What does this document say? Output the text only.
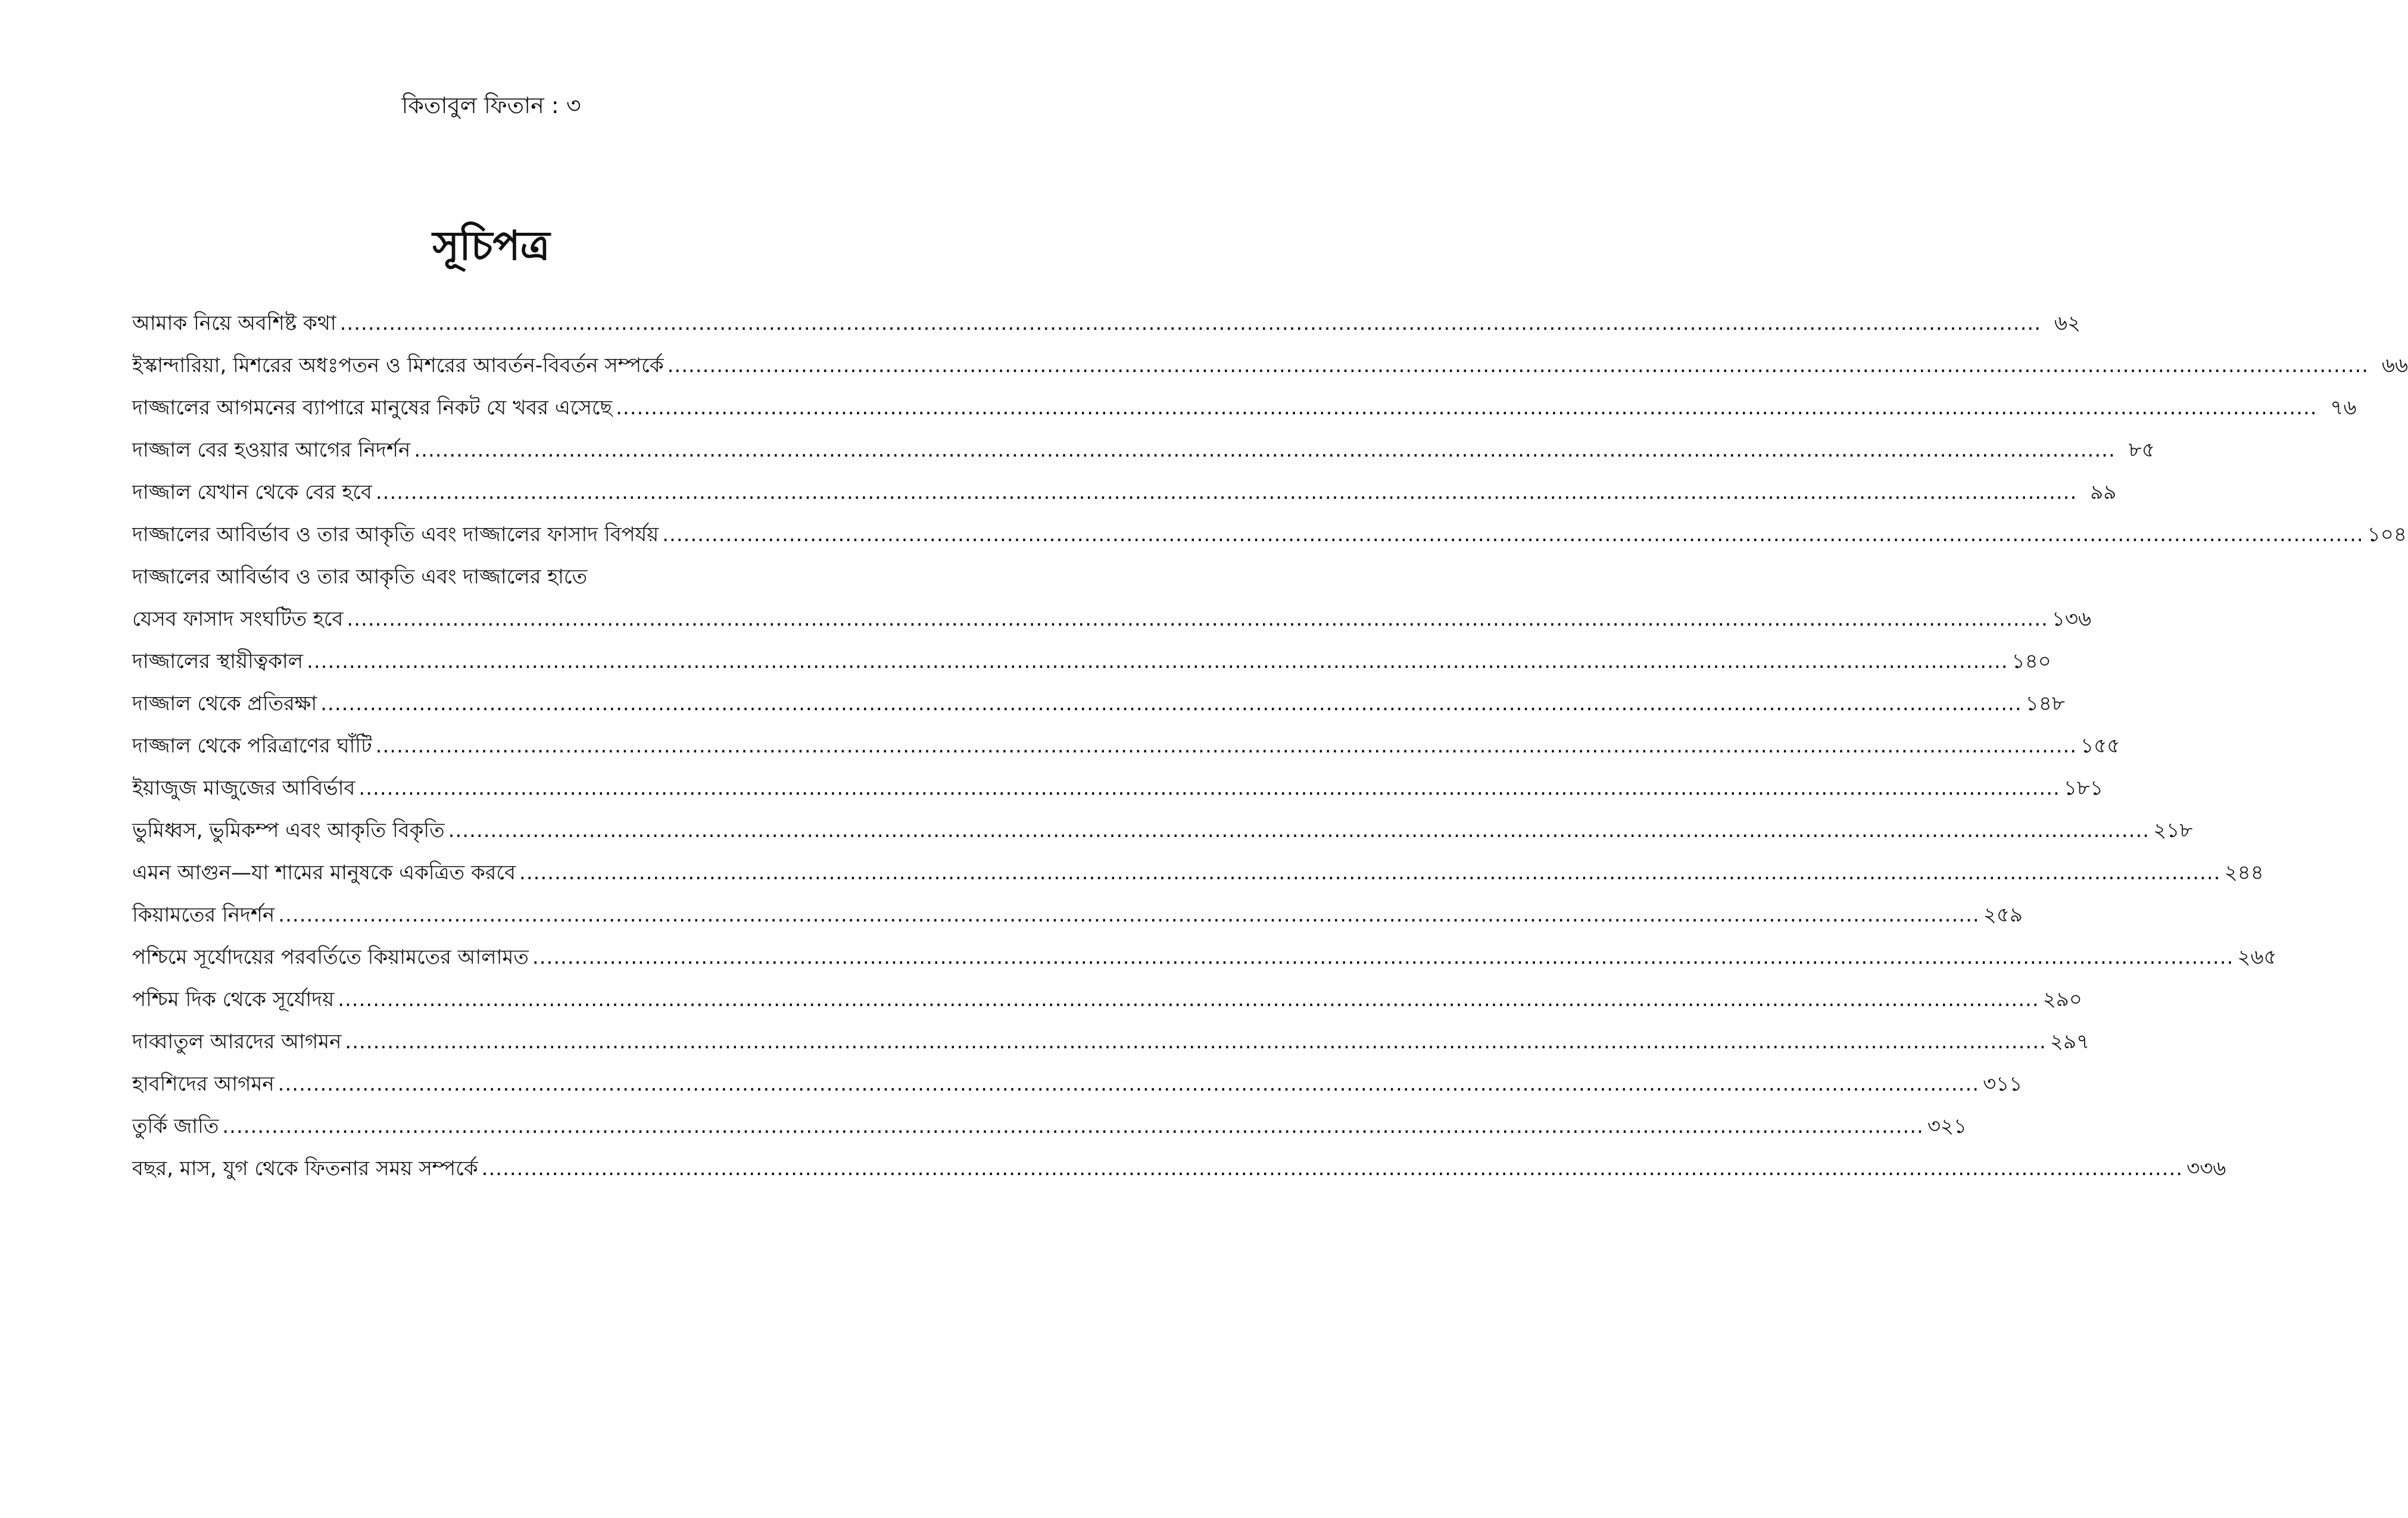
কিতাবুল ফিতান : ৩
সূচিপত্র
আমাক নিয়ে অবশিষ্ট কথা .....	৬২
ইস্কান্দারিয়া, মিশরের অধঃপতন ও মিশরের আবর্তন-বিবর্তন সম্পর্কে .....	৬৬
দাজ্জালের আগমনের ব্যাপারে মানুষের নিকট যে খবর এসেছে .....	৭৬
দাজ্জাল বের হওয়ার আগের নিদর্শন .....	৮৫
দাজ্জাল যেখান থেকে বের হবে .....	৯৯
দাজ্জালের আবির্ভাব ও তার আকৃতি এবং দাজ্জালের ফাসাদ বিপর্যয় .....	১০৪
দাজ্জালের আবির্ভাব ও তার আকৃতি এবং দাজ্জালের হাতে
যেসব ফাসাদ সংঘটিত হবে .....	১৩৬
দাজ্জালের স্থায়ীত্বকাল .....	১৪০
দাজ্জাল থেকে প্রতিরক্ষা .....	১৪৮
দাজ্জাল থেকে পরিত্রাণের ঘাঁটি .....	১৫৫
ইয়াজুজ মাজুজের আবির্ভাব .....	১৮১
ভুমিধ্বস, ভুমিকম্প এবং আকৃতি বিকৃতি .....	২১৮
এমন আগুন—যা শামের মানুষকে একত্রিত করবে .....	২৪৪
কিয়ামতের নিদর্শন .....	২৫৯
পশ্চিমে সূর্যোদয়ের পরবর্তিতে কিয়ামতের আলামত .....	২৬৫
পশ্চিম দিক থেকে সূর্যোদয় .....	২৯০
দাব্বাতুল আরদের আগমন .....	২৯৭
হাবশিদের আগমন .....	৩১১
তুর্কি জাতি .....	৩২১
বছর, মাস, যুগ থেকে ফিতনার সময় সম্পর্কে .....	৩৩৬
